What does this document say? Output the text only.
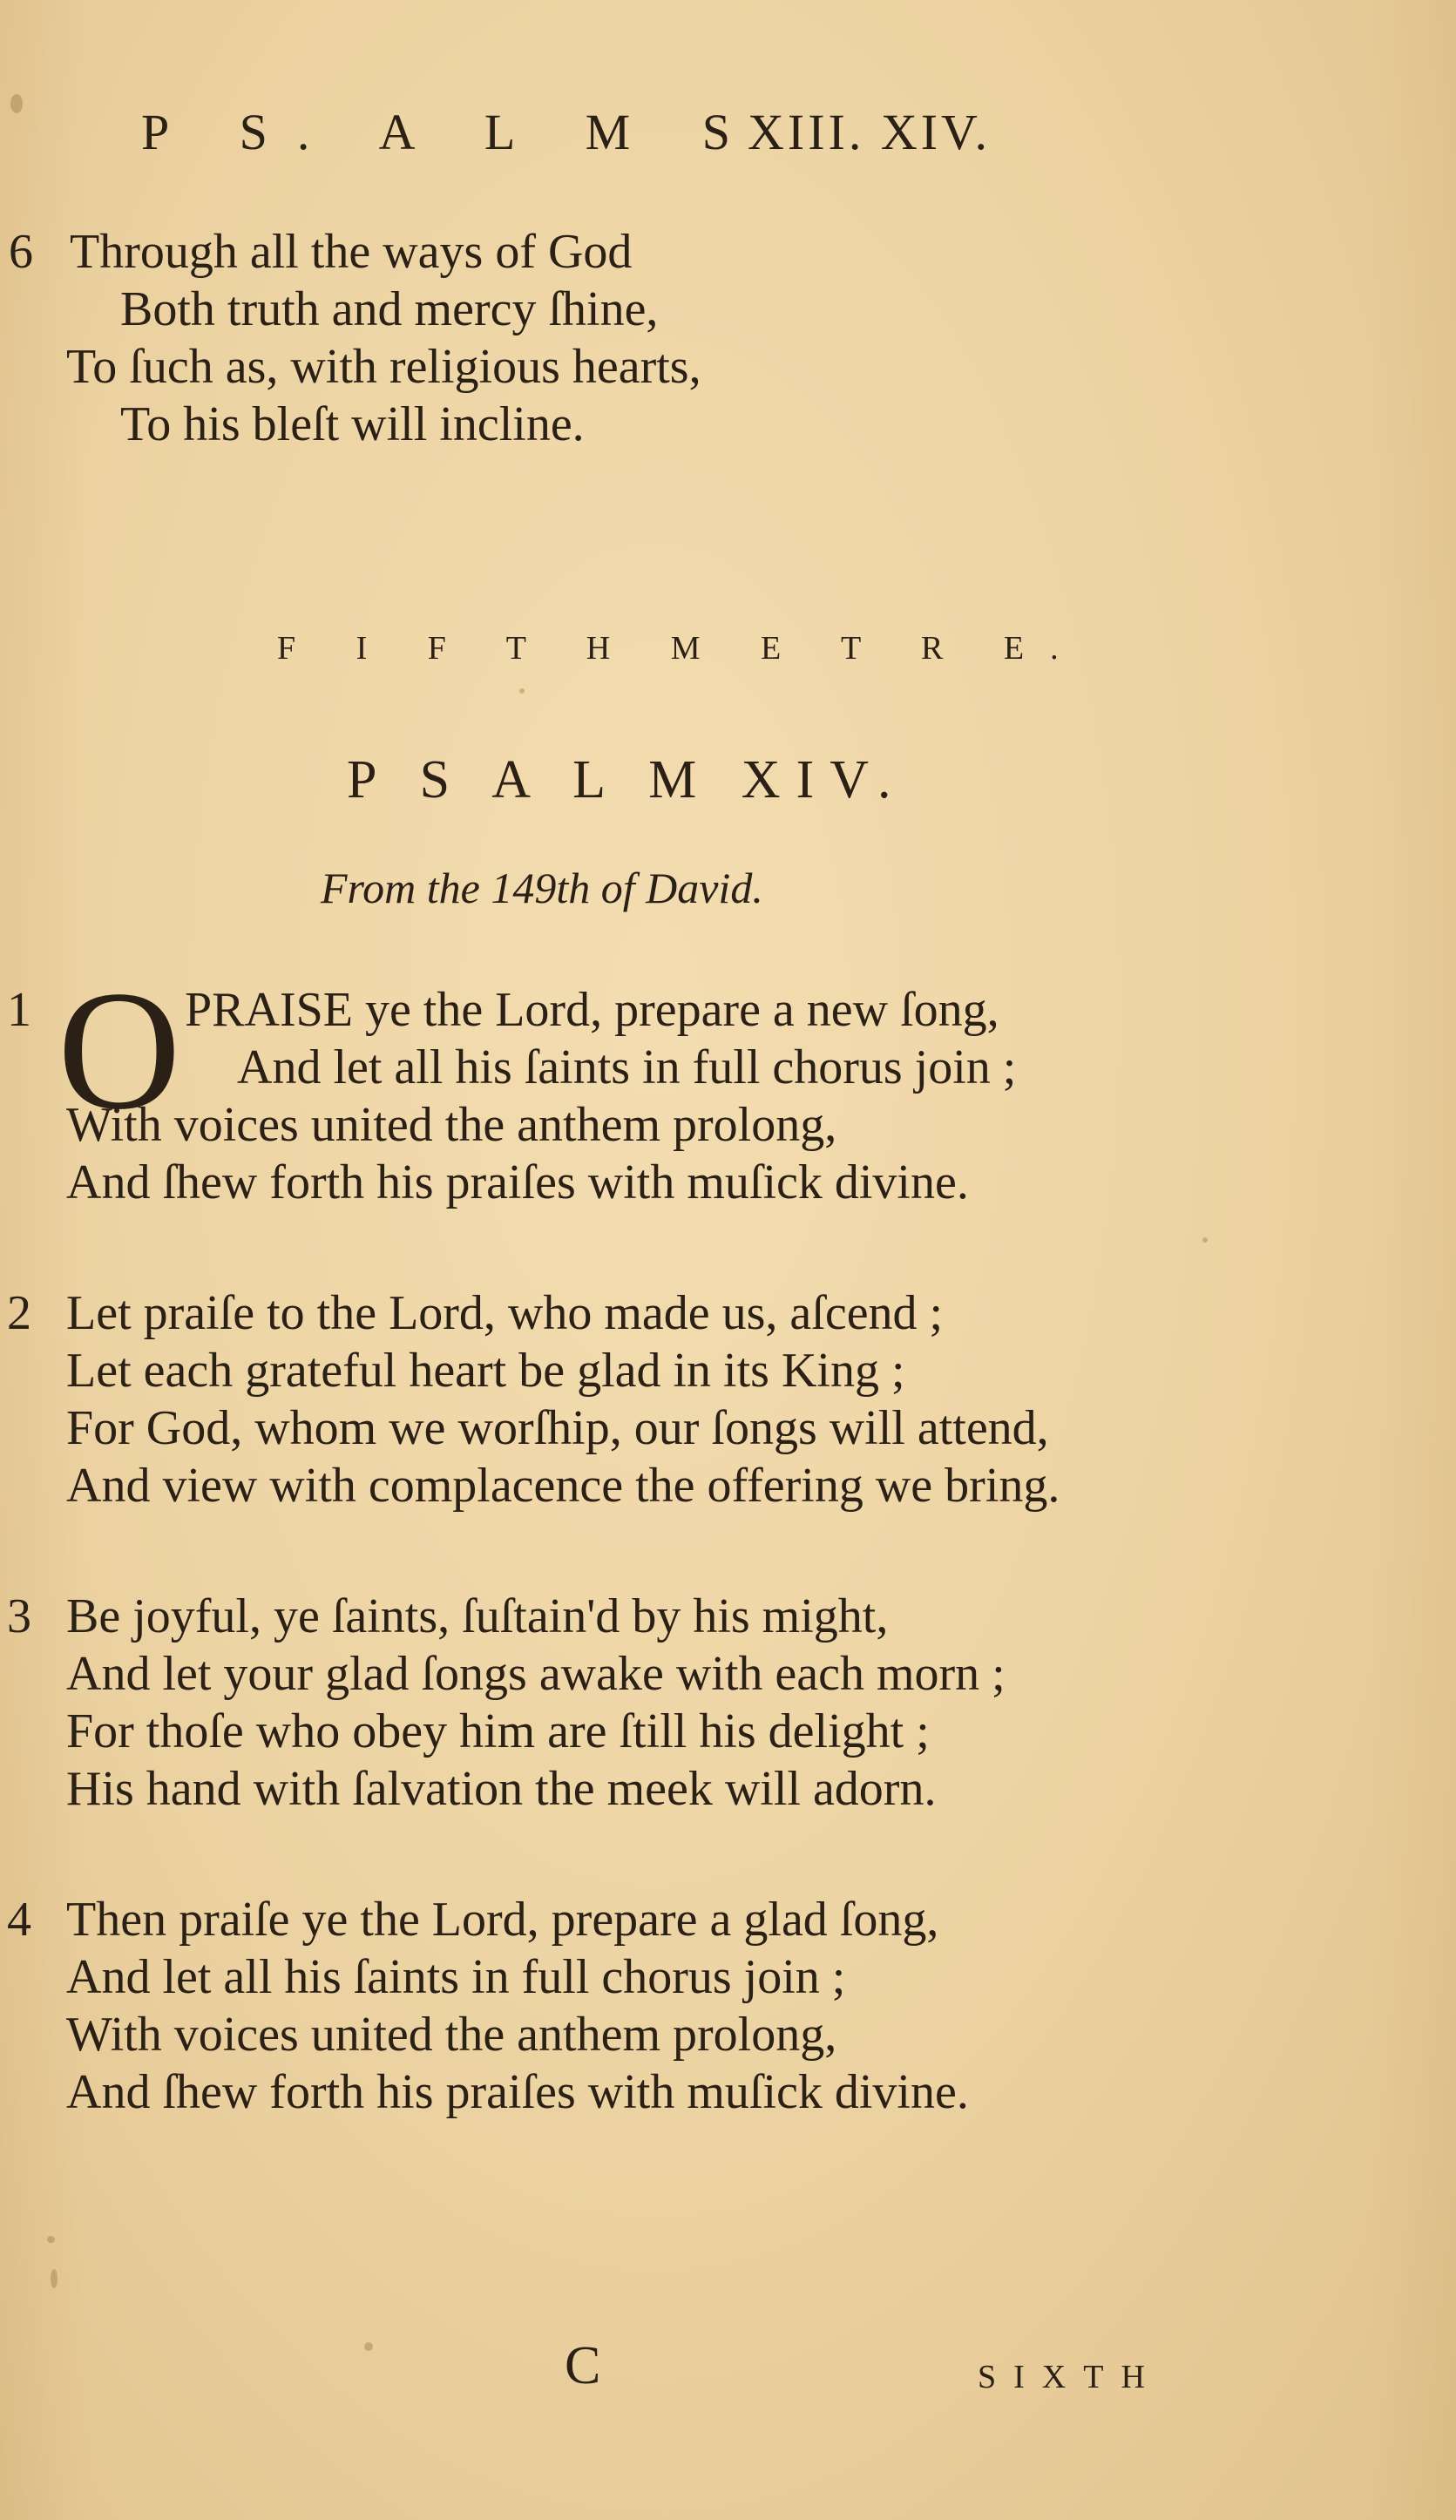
P S. A L M S
XIII. XIV.
6 Through all the ways of God
Both truth and mercy ſhine,
To ſuch as, with religious hearts,
To his bleſt will incline.
F I F T H M E T R E.
P S A L M XIV.
From the 149th of David.
1 O PRAISE ye the Lord, prepare a new ſong,
And let all his ſaints in full chorus join ;
With voices united the anthem prolong,
And ſhew forth his praiſes with muſick divine.
2 Let praiſe to the Lord, who made us, aſcend ;
Let each grateful heart be glad in its King ;
For God, whom we worſhip, our ſongs will attend,
And view with complacence the offering we bring.
3 Be joyful, ye ſaints, ſuſtain'd by his might,
And let your glad ſongs awake with each morn ;
For thoſe who obey him are ſtill his delight ;
His hand with ſalvation the meek will adorn.
4 Then praiſe ye the Lord, prepare a glad ſong,
And let all his ſaints in full chorus join ;
With voices united the anthem prolong,
And ſhew forth his praiſes with muſick divine.
C	SIXTH
